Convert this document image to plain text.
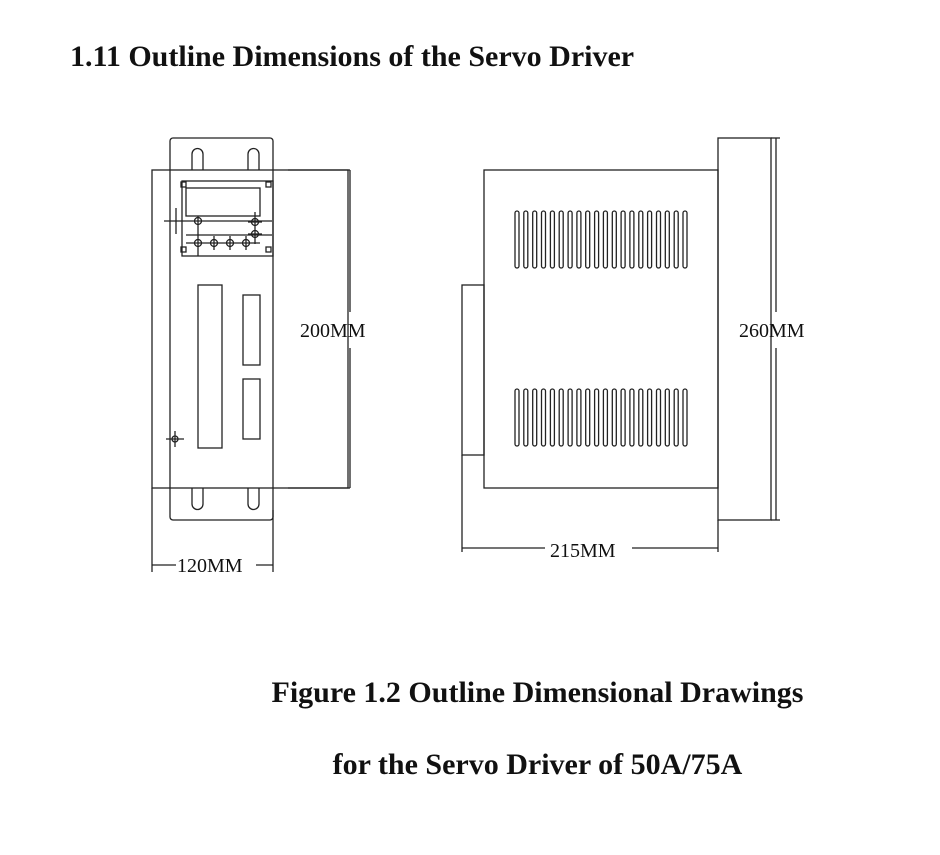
1.11 Outline Dimensions of the Servo Driver
200MM
120MM
260MM
215MM

Figure 1.2 Outline Dimensional Drawings

for the Servo Driver of 50A/75A
